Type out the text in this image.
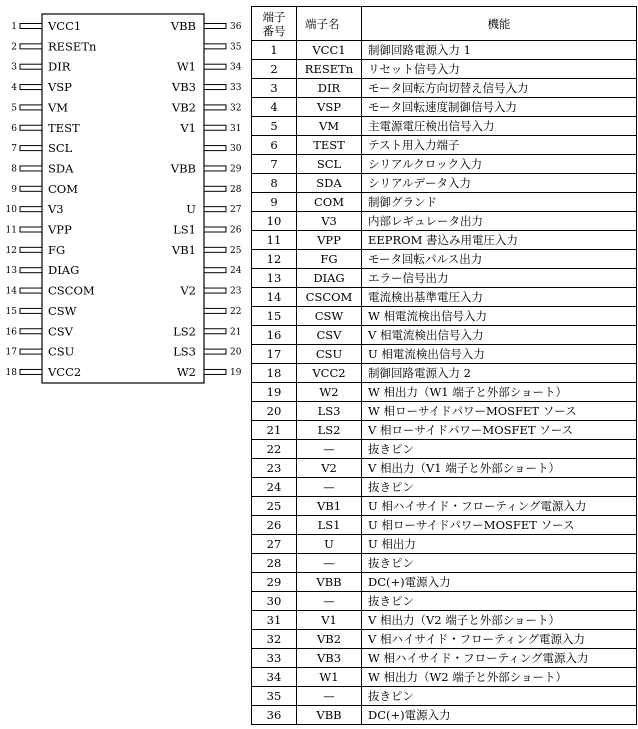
1	VCC1
2	RESETn
3	DIR
4	VSP
5	VM
6	TEST
7	SCL
8	SDA
9	COM
10	V3
11	VPP
12	FG
13	DIAG
14	CSCOM
15	CSW
16	CSV
17	CSU
18	VCC2
36
VBB
35
34
W1
33
VB3
32
VB2
31
V1
30
29
VBB
28
27
U
26
LS1
25
VB1
24
23
V2
22
21
LS2
20
LS3
19
W2
端子
番号	端子名	機能
1	VCC1	制御回路電源入力 1
2	RESETn	リセット信号入力
3	DIR	モータ回転方向切替え信号入力
4	VSP	モータ回転速度制御信号入力
5	VM	主電源電圧検出信号入力
6	TEST	テスト用入力端子
7	SCL	シリアルクロック入力
8	SDA	シリアルデータ入力
9	COM	制御グランド
10	V3	内部レギュレータ出力
11	VPP	EEPROM 書込み用電圧入力
12	FG	モータ回転パルス出力
13	DIAG	エラー信号出力
14	CSCOM	電流検出基準電圧入力
15	CSW	W 相電流検出信号入力
16	CSV	V 相電流検出信号入力
17	CSU	U 相電流検出信号入力
18	VCC2	制御回路電源入力 2
19	W2	W 相出力（W1 端子と外部ショート）
20	LS3	W 相ローサイドパワーMOSFET ソース
21	LS2	V 相ローサイドパワーMOSFET ソース
22	—	抜きピン
23	V2	V 相出力（V1 端子と外部ショート）
24	—	抜きピン
25	VB1	U 相ハイサイド・フローティング電源入力
26	LS1	U 相ローサイドパワーMOSFET ソース
27	U	U 相出力
28	—	抜きピン
29	VBB	DC(+)電源入力
30	—	抜きピン
31	V1	V 相出力（V2 端子と外部ショート）
32	VB2	V 相ハイサイド・フローティング電源入力
33	VB3	W 相ハイサイド・フローティング電源入力
34	W1	W 相出力（W2 端子と外部ショート）
35	—	抜きピン
36	VBB	DC(+)電源入力
